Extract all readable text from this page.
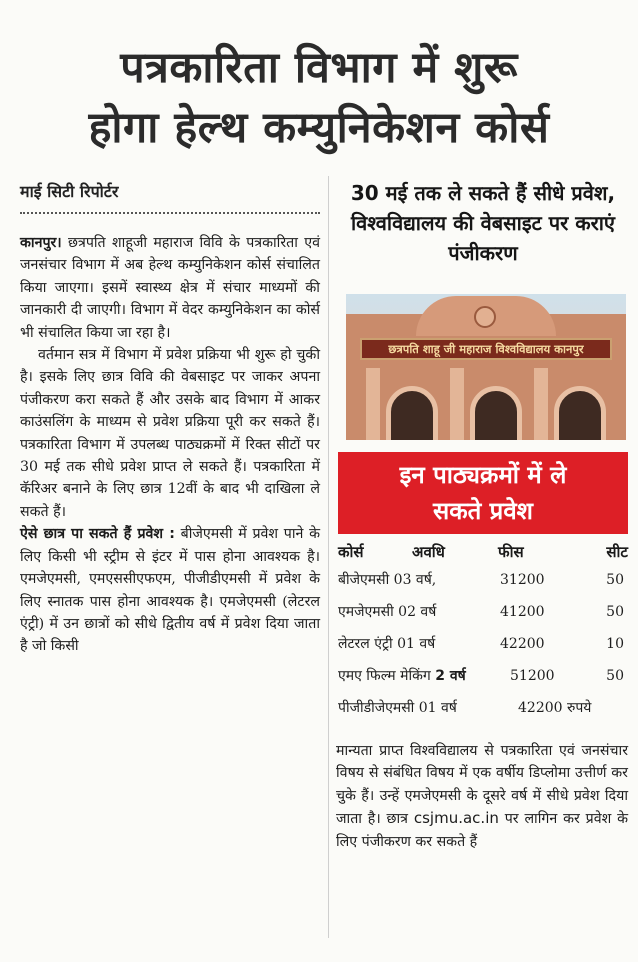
पत्रकारिता विभाग में शुरू
होगा हेल्थ कम्युनिकेशन कोर्स
माई सिटी रिपोर्टर

कानपुर। छत्रपति शाहूजी महाराज विवि के पत्रकारिता एवं जनसंचार विभाग में अब हेल्थ कम्युनिकेशन कोर्स संचालित किया जाएगा। इसमें स्वास्थ्य क्षेत्र में संचार माध्यमों की जानकारी दी जाएगी। विभाग में वेदर कम्युनिकेशन का कोर्स भी संचालित किया जा रहा है।

वर्तमान सत्र में विभाग में प्रवेश प्रक्रिया भी शुरू हो चुकी है। इसके लिए छात्र विवि की वेबसाइट पर जाकर अपना पंजीकरण करा सकते हैं और उसके बाद विभाग में आकर काउंसलिंग के माध्यम से प्रवेश प्रक्रिया पूरी कर सकते हैं। पत्रकारिता विभाग में उपलब्ध पाठ्यक्रमों में रिक्त सीटों पर 30 मई तक सीधे प्रवेश प्राप्त ले सकते हैं। पत्रकारिता में कॅरिअर बनाने के लिए छात्र 12वीं के बाद भी दाखिला ले सकते हैं।

ऐसे छात्र पा सकते हैं प्रवेश : बीजेएमसी में प्रवेश पाने के लिए किसी भी स्ट्रीम से इंटर में पास होना आवश्यक है। एमजेएमसी, एमएससीएफएम, पीजीडीएमसी में प्रवेश के लिए स्नातक पास होना आवश्यक है। एमजेएमसी (लेटरल एंट्री) में उन छात्रों को सीधे द्वितीय वर्ष में प्रवेश दिया जाता है जो किसी

30 मई तक ले सकते हैं सीधे प्रवेश, विश्वविद्यालय की वेबसाइट पर कराएं पंजीकरण
छत्रपति शाहू जी महाराज विश्वविद्यालय कानपुर
इन पाठ्यक्रमों में ले
सकते प्रवेश
कोर्स	अवधि	फीस	सीट
बीजेएमसी 03 वर्ष,	31200	50
एमजेएमसी 02 वर्ष	41200	50
लेटरल एंट्री 01 वर्ष	42200	10
एमए फिल्म मेकिंग 2 वर्ष	51200	50
पीजीडीजेएमसी 01 वर्ष	42200 रुपये
मान्यता प्राप्त विश्वविद्यालय से पत्रकारिता एवं जनसंचार विषय से संबंधित विषय में एक वर्षीय डिप्लोमा उत्तीर्ण कर चुके हैं। उन्हें एमजेएमसी के दूसरे वर्ष में सीधे प्रवेश दिया जाता है। छात्र csjmu.ac.in पर लागिन कर प्रवेश के लिए पंजीकरण कर सकते हैं
